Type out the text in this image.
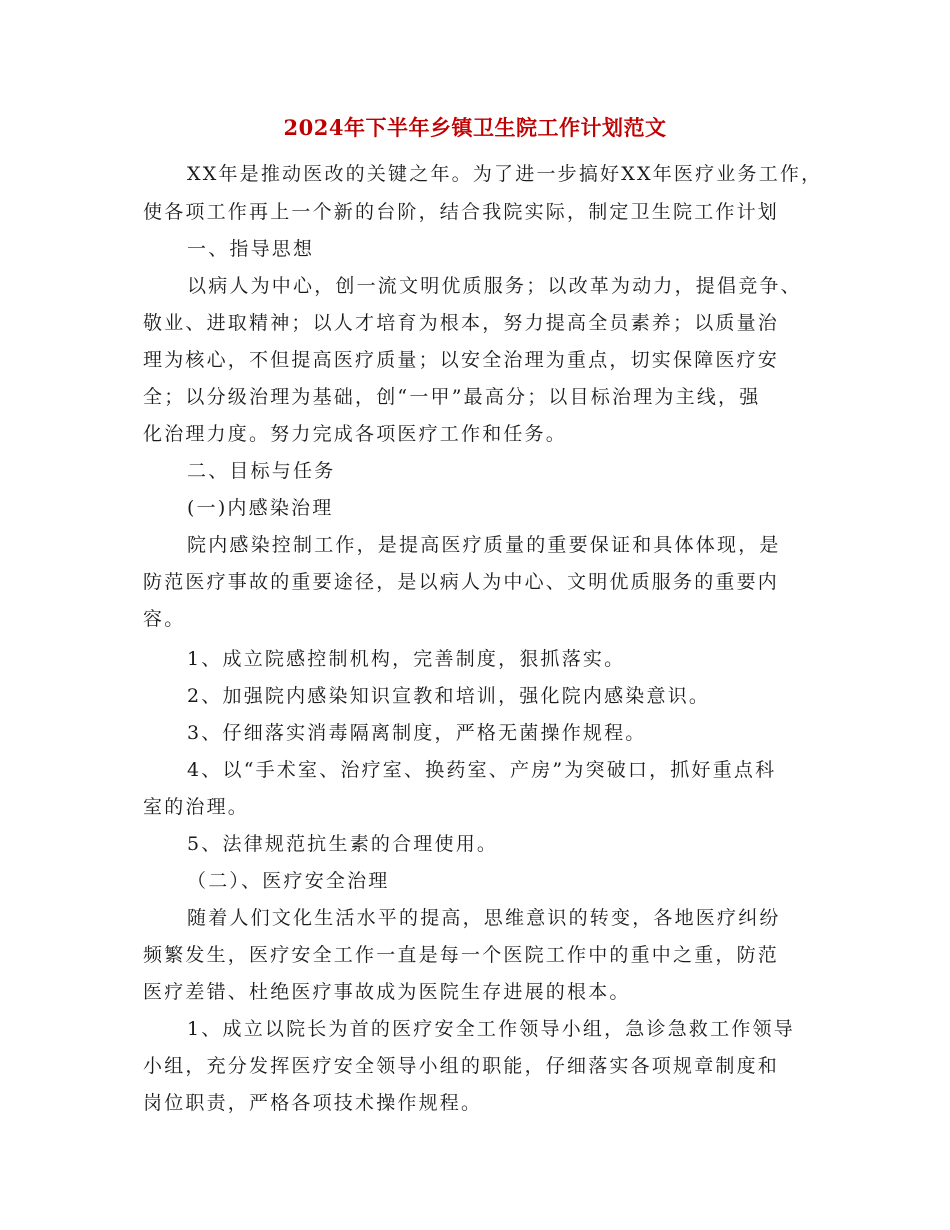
2024年下半年乡镇卫生院工作计划范文

XX年是推动医改的关键之年。为了进一步搞好XX年医疗业务工作，

使各项工作再上一个新的台阶，结合我院实际，制定卫生院工作计划

一、指导思想

以病人为中心，创一流文明优质服务；以改革为动力，提倡竞争、

敬业、进取精神；以人才培育为根本，努力提高全员素养；以质量治

理为核心，不但提高医疗质量；以安全治理为重点，切实保障医疗安

全；以分级治理为基础，创“一甲”最高分；以目标治理为主线，强

化治理力度。努力完成各项医疗工作和任务。

二、目标与任务

(一)内感染治理

院内感染控制工作，是提高医疗质量的重要保证和具体体现，是

防范医疗事故的重要途径，是以病人为中心、文明优质服务的重要内

容。

1、成立院感控制机构，完善制度，狠抓落实。

2、加强院内感染知识宣教和培训，强化院内感染意识。

3、仔细落实消毒隔离制度，严格无菌操作规程。

4、以“手术室、治疗室、换药室、产房”为突破口，抓好重点科

室的治理。

5、法律规范抗生素的合理使用。

（二）、医疗安全治理

随着人们文化生活水平的提高，思维意识的转变，各地医疗纠纷

频繁发生，医疗安全工作一直是每一个医院工作中的重中之重，防范

医疗差错、杜绝医疗事故成为医院生存进展的根本。

1、成立以院长为首的医疗安全工作领导小组，急诊急救工作领导

小组，充分发挥医疗安全领导小组的职能，仔细落实各项规章制度和

岗位职责，严格各项技术操作规程。
